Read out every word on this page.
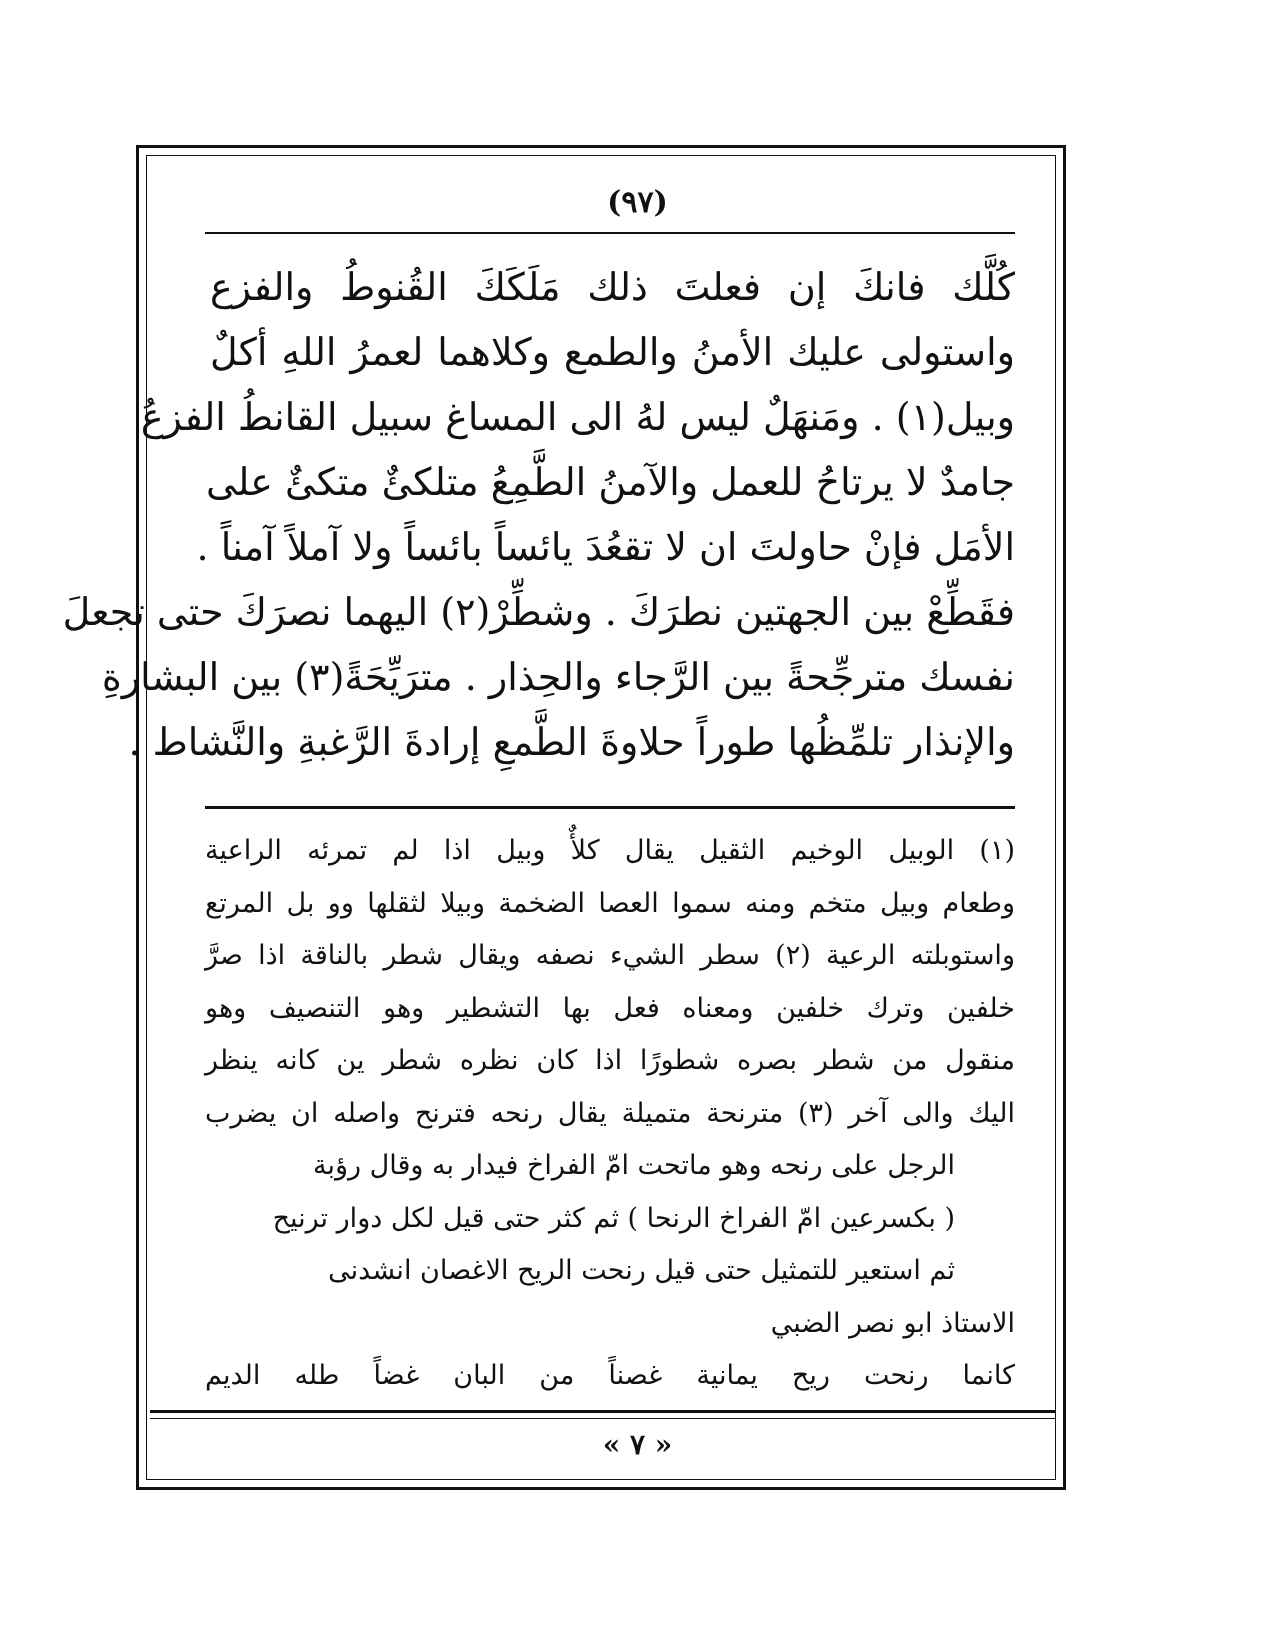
(٩٧)
كُلَّك فانكَ إن فعلتَ ذلك مَلَكَكَ القُنوطُ والفزع
واستولى عليك الأمنُ والطمع وكلاهما لعمرُ اللهِ أكلٌ
وبيل(١) . ومَنهَلٌ ليس لهُ الى المساغ سبيل القانطُ الفزعُ
جامدٌ لا يرتاحُ للعمل والآمنُ الطَّمِعُ متلكئٌ متكئٌ على
الأمَل فإنْ حاولتَ ان لا تقعُدَ يائساً بائساً ولا آملاً آمناً .
فقَطِّعْ بين الجهتين نطرَكَ . وشطِّرْ(٢) اليهما نصرَكَ حتى تجعلَ
نفسك مترجِّحةً بين الرَّجاء والحِذار . مترَيِّحَةً(٣) بين البشارةِ
والإنذار تلمِّظُها طوراً حلاوةَ الطَّمعِ إرادةَ الرَّغبةِ والنَّشاط .
(١) الوبيل الوخيم الثقيل يقال كلأٌ وبيل اذا لم تمرئه الراعية
وطعام وبيل متخم ومنه سموا العصا الضخمة وبيلا لثقلها وو بل المرتع
واستوبلته الرعية (٢) سطر الشيء نصفه ويقال شطر بالناقة اذا صرَّ
خلفين وترك خلفين ومعناه فعل بها التشطير وهو التنصيف وهو
منقول من شطر بصره شطورًا اذا كان نظره شطر ين كانه ينظر
اليك والى آخر (٣) مترنحة متميلة يقال رنحه فترنح واصله ان يضرب
الرجل على رنحه وهو ماتحت امّ الفراخ فيدار به وقال رؤبة
( بكسرعين امّ الفراخ الرنحا ) ثم كثر حتى قيل لكل دوار ترنيح
ثم استعير للتمثيل حتى قيل رنحت الريح الاغصان انشدنى
الاستاذ ابو نصر الضبي
كانما رنحت ريح يمانية غصناً من البان غضاً طله الديم
« ٧ »
